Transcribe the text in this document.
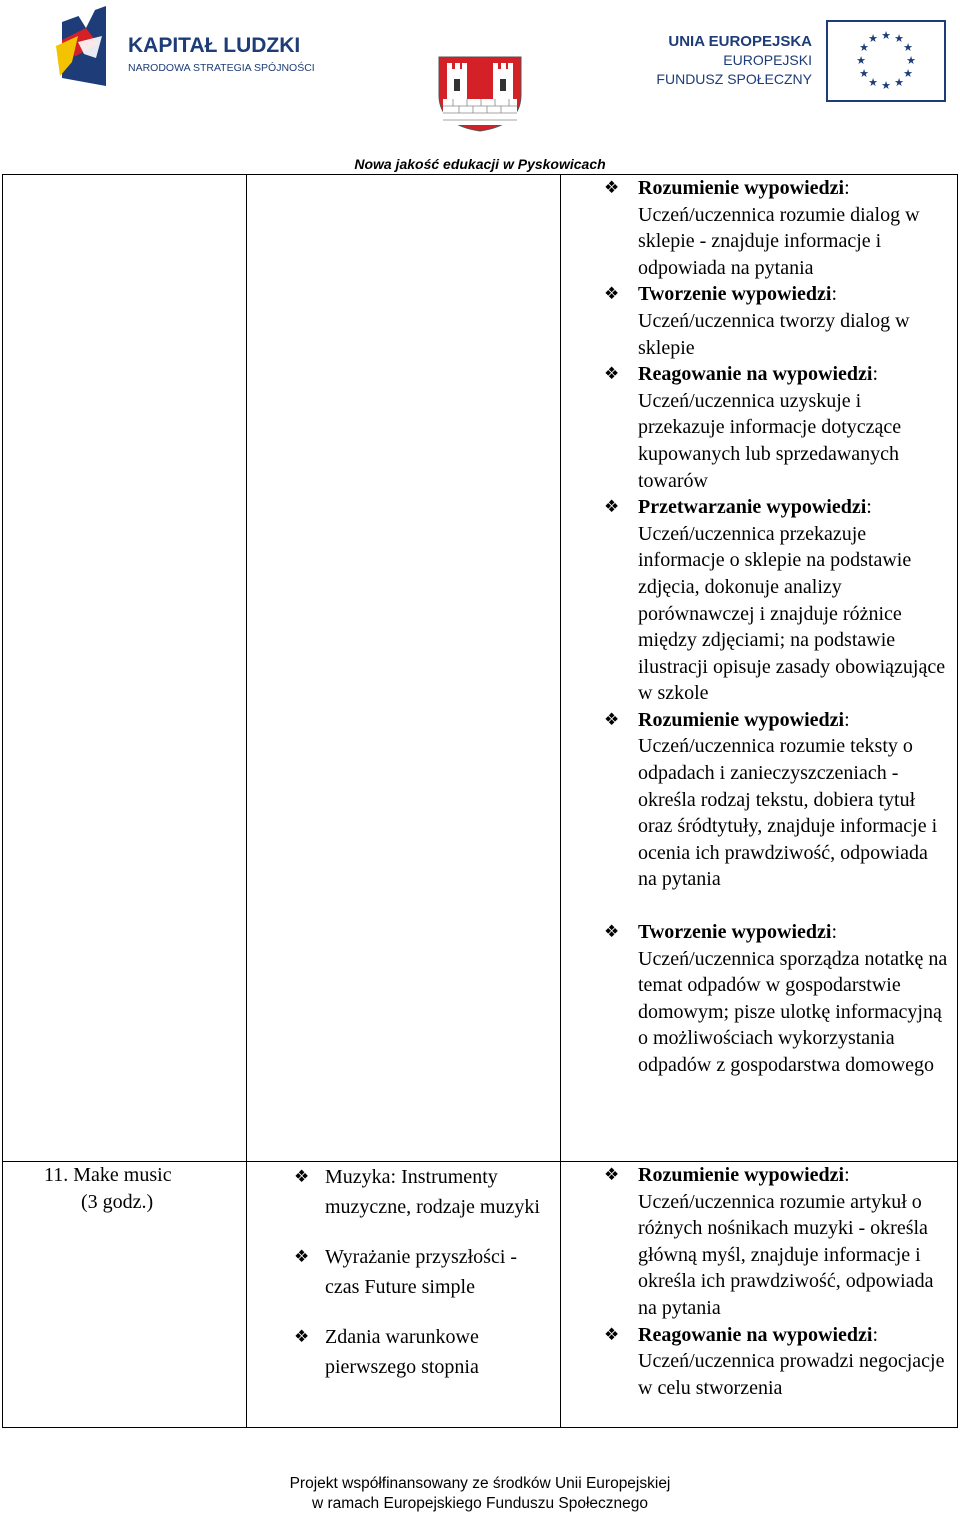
KAPITAŁ LUDZKI
NARODOWA STRATEGIA SPÓJNOŚCI
UNIA EUROPEJSKA
EUROPEJSKI
FUNDUSZ SPOŁECZNY
★ ★
★
★
★
★
★
★
★
★
★
★
Nowa jakość edukacji w Pyskowicach
❖ Rozumienie wypowiedzi: Uczeń/uczennica rozumie dialog w sklepie - znajduje informacje i odpowiada na pytania
❖ Tworzenie wypowiedzi: Uczeń/uczennica tworzy dialog w sklepie
❖ Reagowanie na wypowiedzi: Uczeń/uczennica uzyskuje i przekazuje informacje dotyczące kupowanych lub sprzedawanych towarów
❖ Przetwarzanie wypowiedzi: Uczeń/uczennica przekazuje informacje o sklepie na podstawie zdjęcia, dokonuje analizy porównawczej i znajduje różnice między zdjęciami; na podstawie ilustracji opisuje zasady obowiązujące w szkole
❖ Rozumienie wypowiedzi: Uczeń/uczennica rozumie teksty o odpadach i zanieczyszczeniach - określa rodzaj tekstu, dobiera tytuł oraz śródtytuły, znajduje informacje i ocenia ich prawdziwość, odpowiada na pytania
❖ Tworzenie wypowiedzi: Uczeń/uczennica sporządza notatkę na temat odpadów w gospodarstwie domowym; pisze ulotkę informacyjną o możliwościach wykorzystania odpadów z gospodarstwa domowego
❖ Rozumienie wypowiedzi: Uczeń/uczennica rozumie artykuł o różnych nośnikach muzyki - określa główną myśl, znajduje informacje i określa ich prawdziwość, odpowiada na pytania
❖ Reagowanie na wypowiedzi: Uczeń/uczennica prowadzi negocjacje w celu stworzenia
11. Make music
(3 godz.)
❖ Muzyka: Instrumenty muzyczne, rodzaje muzyki
❖ Wyrażanie przyszłości - czas Future simple
❖ Zdania warunkowe pierwszego stopnia
Projekt współfinansowany ze środków Unii Europejskiej
w ramach Europejskiego Funduszu Społecznego
